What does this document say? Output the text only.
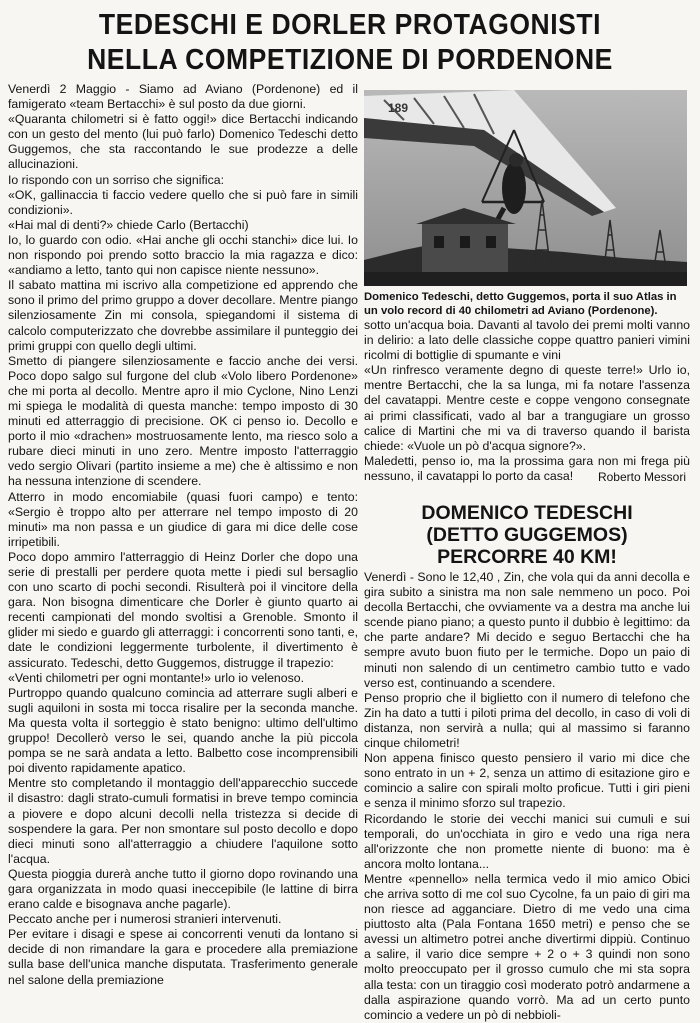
TEDESCHI E DORLER PROTAGONISTI
NELLA COMPETIZIONE DI PORDENONE

Venerdì 2 Maggio - Siamo ad Aviano (Pordenone) ed il famigerato «team Bertacchi» è sul posto da due giorni.

«Quaranta chilometri si è fatto oggi!» dice Bertacchi indicando con un gesto del mento (lui può farlo) Domenico Tedeschi detto Guggemos, che sta raccontando le sue prodezze a delle allucinazioni.

Io rispondo con un sorriso che significa:

«OK, gallinaccia ti faccio vedere quello che si può fare in simili condizioni».

«Hai mal di denti?» chiede Carlo (Bertacchi)

Io, lo guardo con odio. «Hai anche gli occhi stanchi» dice lui. Io non rispondo poi prendo sotto braccio la mia ragazza e dico: «andiamo a letto, tanto qui non capisce niente nessuno».

Il sabato mattina mi iscrivo alla competizione ed apprendo che sono il primo del primo gruppo a dover decollare. Mentre piango silenziosamente Zin mi consola, spiegandomi il sistema di calcolo computerizzato che dovrebbe assimilare il punteggio dei primi gruppi con quello degli ultimi.

Smetto di piangere silenziosamente e faccio anche dei versi. Poco dopo salgo sul furgone del club «Volo libero Pordenone» che mi porta al decollo. Mentre apro il mio Cyclone, Nino Lenzi mi spiega le modalità di questa manche: tempo imposto di 30 minuti ed atterraggio di precisione. OK ci penso io. Decollo e porto il mio «drachen» mostruosamente lento, ma riesco solo a rubare dieci minuti in uno zero. Mentre imposto l'atterraggio vedo sergio Olivari (partito insieme a me) che è altissimo e non ha nessuna intenzione di scendere.

Atterro in modo encomiabile (quasi fuori campo) e tento: «Sergio è troppo alto per atterrare nel tempo imposto di 20 minuti» ma non passa e un giudice di gara mi dice delle cose irripetibili.

Poco dopo ammiro l'atterraggio di Heinz Dorler che dopo una serie di prestalli per perdere quota mette i piedi sul bersaglio con uno scarto di pochi secondi. Risulterà poi il vincitore della gara. Non bisogna dimenticare che Dorler è giunto quarto ai recenti campionati del mondo svoltisi a Grenoble. Smonto il glider mi siedo e guardo gli atterraggi: i concorrenti sono tanti, e, date le condizioni leggermente turbolente, il divertimento è assicurato. Tedeschi, detto Guggemos, distrugge il trapezio:

«Venti chilometri per ogni montante!» urlo io velenoso.

Purtroppo quando qualcuno comincia ad atterrare sugli alberi e sugli aquiloni in sosta mi tocca risalire per la seconda manche. Ma questa volta il sorteggio è stato benigno: ultimo dell'ultimo gruppo! Decollerò verso le sei, quando anche la più piccola pompa se ne sarà andata a letto. Balbetto cose incomprensibili poi divento rapidamente apatico.

Mentre sto completando il montaggio dell'apparecchio succede il disastro: dagli strato-cumuli formatisi in breve tempo comincia a piovere e dopo alcuni decolli nella tristezza si decide di sospendere la gara. Per non smontare sul posto decollo e dopo dieci minuti sono all'atterraggio a chiudere l'aquilone sotto l'acqua.

Questa pioggia durerà anche tutto il giorno dopo rovinando una gara organizzata in modo quasi ineccepibile (le lattine di birra erano calde e bisognava anche pagarle).

Peccato anche per i numerosi stranieri intervenuti.

Per evitare i disagi e spese ai concorrenti venuti da lontano si decide di non rimandare la gara e procedere alla premiazione sulla base dell'unica manche disputata. Trasferimento generale nel salone della premiazione

189
Domenico Tedeschi, detto Guggemos, porta il suo Atlas in un volo record di 40 chilometri ad Aviano (Pordenone).

sotto un'acqua boia. Davanti al tavolo dei premi molti vanno in delirio: a lato delle classiche coppe quattro panieri vimini ricolmi di bottiglie di spumante e vini

«Un rinfresco veramente degno di queste terre!» Urlo io, mentre Bertacchi, che la sa lunga, mi fa notare l'assenza del cavatappi. Mentre ceste e coppe vengono consegnate ai primi classificati, vado al bar a trangugiare un grosso calice di Martini che mi va di traverso quando il barista chiede: «Vuole un pò d'acqua signore?».

Maledetti, penso io, ma la prossima gara non mi frega più nessuno, il cavatappi lo porto da casa!	Roberto Messori
DOMENICO TEDESCHI
(DETTO GUGGEMOS)
PERCORRE 40 KM!

Venerdì - Sono le 12,40 , Zin, che vola qui da anni decolla e gira subito a sinistra ma non sale nemmeno un poco. Poi decolla Bertacchi, che ovviamente va a destra ma anche lui scende piano piano; a questo punto il dubbio è legittimo: da che parte andare? Mi decido e seguo Bertacchi che ha sempre avuto buon fiuto per le termiche. Dopo un paio di minuti non salendo di un centimetro cambio tutto e vado verso est, continuando a scendere.

Penso proprio che il biglietto con il numero di telefono che Zin ha dato a tutti i piloti prima del decollo, in caso di voli di distanza, non servirà a nulla; qui al massimo si faranno cinque chilometri!

Non appena finisco questo pensiero il vario mi dice che sono entrato in un + 2, senza un attimo di esitazione giro e comincio a salire con spirali molto proficue. Tutti i giri pieni e senza il minimo sforzo sul trapezio.

Ricordando le storie dei vecchi manici sui cumuli e sui temporali, do un'occhiata in giro e vedo una riga nera all'orizzonte che non promette niente di buono: ma è ancora molto lontana...

Mentre «pennello» nella termica vedo il mio amico Obici che arriva sotto di me col suo Cycolne, fa un paio di giri ma non riesce ad agganciare. Dietro di me vedo una cima piuttosto alta (Pala Fontana 1650 metri) e penso che se avessi un altimetro potrei anche divertirmi dippiù. Continuo a salire, il vario dice sempre + 2 o + 3 quindi non sono molto preoccupato per il grosso cumulo che mi sta sopra alla testa: con un tiraggio così moderato potrò andarmene a dalla aspirazione quando vorrò. Ma ad un certo punto comincio a vedere un pò di nebbioli-
